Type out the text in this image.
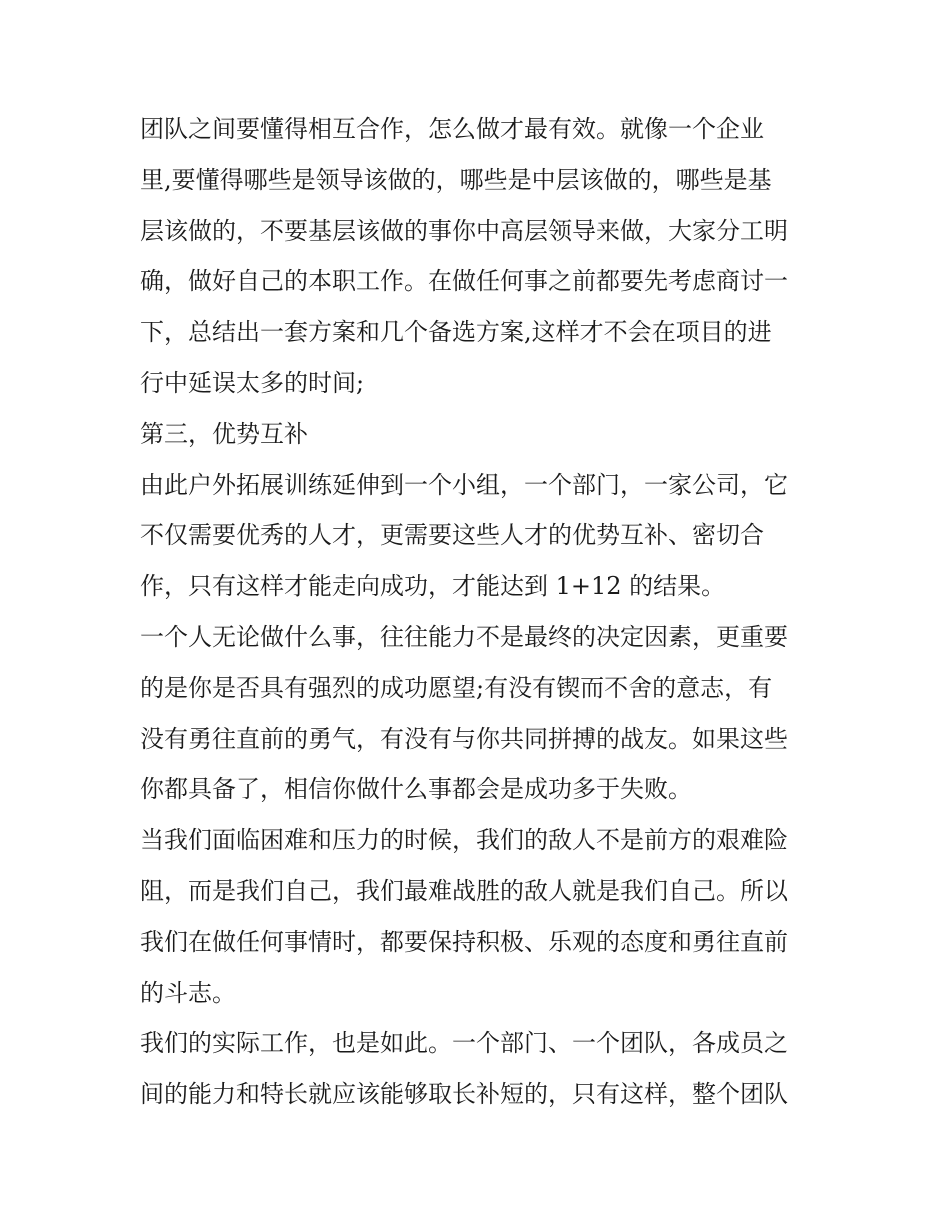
团队之间要懂得相互合作，怎么做才最有效。就像一个企业
里,要懂得哪些是领导该做的，哪些是中层该做的，哪些是基
层该做的，不要基层该做的事你中高层领导来做，大家分工明
确，做好自己的本职工作。在做任何事之前都要先考虑商讨一
下，总结出一套方案和几个备选方案,这样才不会在项目的进
行中延误太多的时间;

第三，优势互补

由此户外拓展训练延伸到一个小组，一个部门，一家公司，它
不仅需要优秀的人才，更需要这些人才的优势互补、密切合
作，只有这样才能走向成功，才能达到 1+12 的结果。

一个人无论做什么事，往往能力不是最终的决定因素，更重要
的是你是否具有强烈的成功愿望;有没有锲而不舍的意志，有
没有勇往直前的勇气，有没有与你共同拼搏的战友。如果这些
你都具备了，相信你做什么事都会是成功多于失败。

当我们面临困难和压力的时候，我们的敌人不是前方的艰难险
阻，而是我们自己，我们最难战胜的敌人就是我们自己。所以
我们在做任何事情时，都要保持积极、乐观的态度和勇往直前
的斗志。

我们的实际工作，也是如此。一个部门、一个团队，各成员之
间的能力和特长就应该能够取长补短的，只有这样，整个团队
